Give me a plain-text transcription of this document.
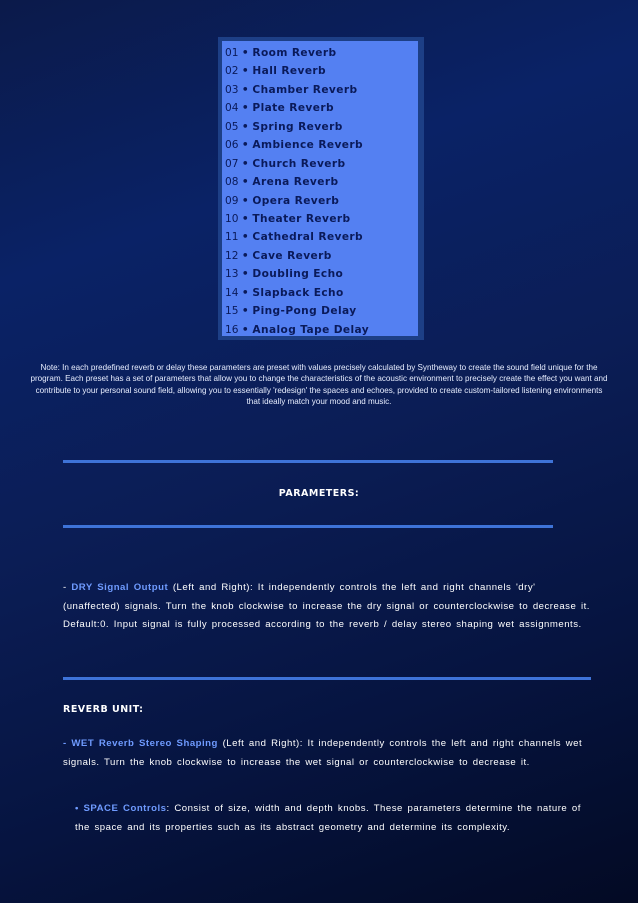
01 • Room Reverb
02 • Hall Reverb
03 • Chamber Reverb
04 • Plate Reverb
05 • Spring Reverb
06 • Ambience Reverb
07 • Church Reverb
08 • Arena Reverb
09 • Opera Reverb
10 • Theater Reverb
11 • Cathedral Reverb
12 • Cave Reverb
13 • Doubling Echo
14 • Slapback Echo
15 • Ping-Pong Delay
16 • Analog Tape Delay
Note: In each predefined reverb or delay these parameters are preset with values precisely calculated by Syntheway to create the sound field unique for the program. Each preset has a set of parameters that allow you to change the characteristics of the acoustic environment to precisely create the effect you want and contribute to your personal sound field, allowing you to essentially 'redesign' the spaces and echoes, provided to create custom-tailored listening environments that ideally match your mood and music.
PARAMETERS:
- DRY Signal Output (Left and Right): It independently controls the left and right channels 'dry' (unaffected) signals. Turn the knob clockwise to increase the dry signal or counterclockwise to decrease it. Default:0. Input signal is fully processed according to the reverb / delay stereo shaping wet assignments.
REVERB UNIT:
- WET Reverb Stereo Shaping (Left and Right): It independently controls the left and right channels wet signals. Turn the knob clockwise to increase the wet signal or counterclockwise to decrease it.
• SPACE Controls: Consist of size, width and depth knobs. These parameters determine the nature of the space and its properties such as its abstract geometry and determine its complexity.
